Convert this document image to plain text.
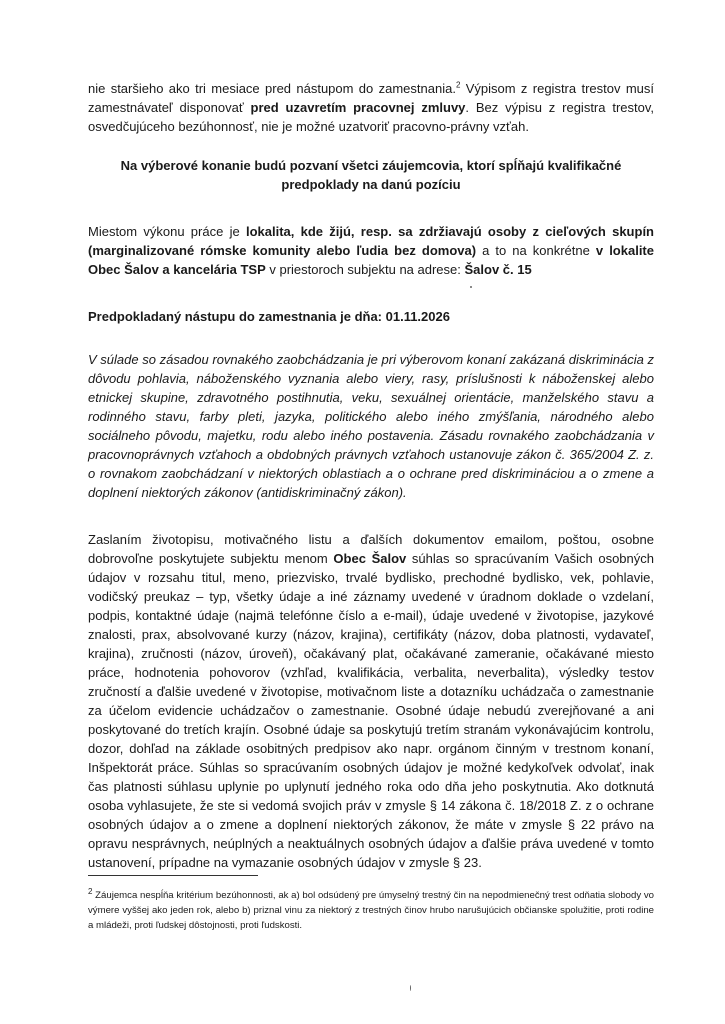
nie staršieho ako tri mesiace pred nástupom do zamestnania.$^2$ Výpisom z registra trestov musí zamestnávateľ disponovať pred uzavretím pracovnej zmluvy. Bez výpisu z registra trestov, osvedčujúceho bezúhonnosť, nie je možné uzatvoriť pracovno-právny vzťah.

Na výberové konanie budú pozvaní všetci záujemcovia, ktorí spĺňajú kvalifikačné predpoklady na danú pozíciu

Miestom výkonu práce je lokalita, kde žijú, resp. sa zdržiavajú osoby z cieľových skupín (marginalizované rómske komunity alebo ľudia bez domova) a to na konkrétne v lokalite Obec Šalov a kancelária TSP v priestoroch subjektu na adrese: Šalov č. 15

Predpokladaný nástupu do zamestnania je dňa: 01.11.2026

V súlade so zásadou rovnakého zaobchádzania je pri výberovom konaní zakázaná diskriminácia z dôvodu pohlavia, náboženského vyznania alebo viery, rasy, príslušnosti k náboženskej alebo etnickej skupine, zdravotného postihnutia, veku, sexuálnej orientácie, manželského stavu a rodinného stavu, farby pleti, jazyka, politického alebo iného zmýšľania, národného alebo sociálneho pôvodu, majetku, rodu alebo iného postavenia. Zásadu rovnakého zaobchádzania v pracovnoprávnych vzťahoch a obdobných právnych vzťahoch ustanovuje zákon č. 365/2004 Z. z. o rovnakom zaobchádzaní v niektorých oblastiach a o ochrane pred diskrimináciou a o zmene a doplnení niektorých zákonov (antidiskriminačný zákon).

Zaslaním životopisu, motivačného listu a ďalších dokumentov emailom, poštou, osobne dobrovoľne poskytujete subjektu menom Obec Šalov súhlas so spracúvaním Vašich osobných údajov v rozsahu titul, meno, priezvisko, trvalé bydlisko, prechodné bydlisko, vek, pohlavie, vodičský preukaz – typ, všetky údaje a iné záznamy uvedené v úradnom doklade o vzdelaní, podpis, kontaktné údaje (najmä telefónne číslo a e-mail), údaje uvedené v životopise, jazykové znalosti, prax, absolvované kurzy (názov, krajina), certifikáty (názov, doba platnosti, vydavateľ, krajina), zručnosti (názov, úroveň), očakávaný plat, očakávané zameranie, očakávané miesto práce, hodnotenia pohovorov (vzhľad, kvalifikácia, verbalita, neverbalita), výsledky testov zručností a ďalšie uvedené v životopise, motivačnom liste a dotazníku uchádzača o zamestnanie za účelom evidencie uchádzačov o zamestnanie. Osobné údaje nebudú zverejňované a ani poskytované do tretích krajín. Osobné údaje sa poskytujú tretím stranám vykonávajúcim kontrolu, dozor, dohľad na základe osobitných predpisov ako napr. orgánom činným v trestnom konaní, Inšpektorát práce. Súhlas so spracúvaním osobných údajov je možné kedykoľvek odvolať, inak čas platnosti súhlasu uplynie po uplynutí jedného roka odo dňa jeho poskytnutia. Ako dotknutá osoba vyhlasujete, že ste si vedomá svojich práv v zmysle § 14 zákona č. 18/2018 Z. z o ochrane osobných údajov a o zmene a doplnení niektorých zákonov, že máte v zmysle § 22 právo na opravu nesprávnych, neúplných a neaktuálnych osobných údajov a ďalšie práva uvedené v tomto ustanovení, prípadne na vymazanie osobných údajov v zmysle § 23.

$^2$ Záujemca nespĺňa kritérium bezúhonnosti, ak a) bol odsúdený pre úmyselný trestný čin na nepodmienečný trest odňatia slobody vo výmere vyššej ako jeden rok, alebo b) priznal vinu za niektorý z trestných činov hrubo narušujúcich občianske spolužitie, proti rodine a mládeži, proti ľudskej dôstojnosti, proti ľudskosti.
